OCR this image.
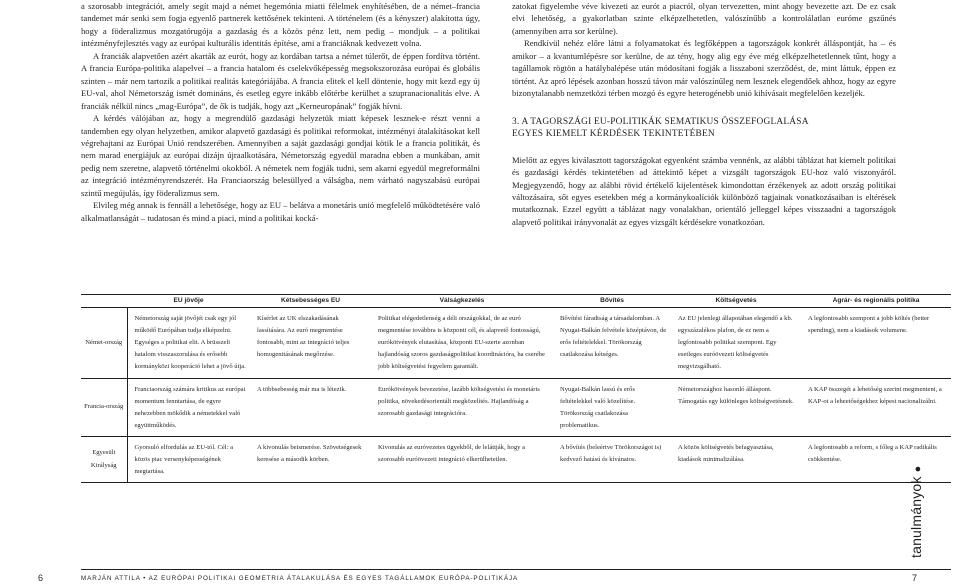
a szorosabb integrációt, amely segít majd a német hegemónia miatti félelmek enyhítésében, de a német–francia tandemet már senki sem fogja egyenlő partnerek kettősének tekinteni. A történelem (és a kényszer) alakította úgy, hogy a föderalizmus mozgatórugója a gazdaság és a közös pénz lett, nem pedig – mondjuk – a politikai intézményfejlesztés vagy az európai kulturális identitás építése, ami a franciáknak kedvezett volna.

A franciák alapvetően azért akarták az eurót, hogy az kordában tartsa a német túlerőt, de éppen fordítva történt. A francia Európa-politika alapelvei – a francia hatalom és cselekvőképesség megsokszorozása európai és globális szinten – már nem tartozik a politikai realitás kategóriájába. A francia elitek el kell döntenie, hogy mit kezd egy új EU-val, ahol Németország ismét domináns, és esetleg egyre inkább előtérbe kerülhet a szupranacionalitás elve. A franciák nélkül nincs „mag-Európa”, de ők is tudják, hogy azt „Kerneuropának” fogják hívni.

A kérdés válójában az, hogy a megrendülő gazdasági helyzetük miatt képesek lesznek-e részt venni a tandemben egy olyan helyzetben, amikor alapvető gazdasági és politikai reformokat, intézményi átalakításokat kell végrehajtani az Európai Unió rendszerében. Amennyiben a saját gazdasági gondjai kötik le a francia politikát, és nem marad energiájuk az európai dizájn újraalkotására, Németország egyedül maradna ebben a munkában, amit pedig nem szeretne, alapvető történelmi okokból. A németek nem fogják tudni, sem akarni egyedül megreformálni az integráció intézményrendszerét. Ha Franciaország belesüllyed a válságba, nem várható nagyszabású európai szintű megújulás, így föderalizmus sem.

Elvileg még annak is fennáll a lehetősége, hogy az EU – belátva a monetáris unió megfelelő működtetésére való alkalmatlanságát – tudatosan és mind a piaci, mind a politikai kocká-

zatokat figyelembe véve kivezeti az eurót a piacról, olyan tervezetten, mint ahogy bevezette azt. De ez csak elvi lehetőség, a gyakorlatban szinte elképzelhetetlen, valószínűbb a kontrolálatlan euróme gszűnés (amennyiben arra sor kerülne).

Rendkívül nehéz előre látni a folyamatokat és legfőképpen a tagországok konkrét álláspontját, ha – és amikor – a kvantumlépésre sor kerülne, de az tény, hogy alig egy éve még elképzelhetetlennek tűnt, hogy a tagállamok rögtön a hatálybalépése után módosítani fogják a lisszaboni szerződést, de, mint láttuk, éppen ez történt. Az apró lépések azonban hosszú távon már valószínűleg nem lesznek elegendőek ahhoz, hogy az egyre bizonytalanabb nemzetközi térben mozgó és egyre heterogénebb unió kihívásait megfelelően kezeljék.

3. A TAGORSZÁGI EU-POLITIKÁK SEMATIKUS ÖSSZEFOGLALÁSA
EGYES KIEMELT KÉRDÉSEK TEKINTETÉBEN

Mielőtt az egyes kiválasztott tagországokat egyenként számba vennénk, az alábbi táblázat hat kiemelt politikai és gazdasági kérdés tekintetében ad áttekintő képet a vizsgált tagországok EU-hoz való viszonyáról. Megjegyzendő, hogy az alábbi rövid értékelő kijelentések kimondottan érzékenyek az adott ország politikai változásaira, sőt egyes esetekben még a kormánykoalíciók különböző tagjainak vonatkozásaiban is eltérések mutatkoznak. Ezzel együtt a táblázat nagy vonalakban, orientáló jelleggel képes visszaadni a tagországok alapvető politikai irányvonalát az egyes vizsgált kérdésekre vonatkozóan.

	EU jövője	Kétsebességes EU	Válságkezelés	Bővítés	Költségvetés	Agrár- és regionális politika
Német-ország	Németország saját jövőjét csak egy jól működő Európában tudja elképzelni. Egységes a politikai elit. A brüsszeli hatalom visszaszorulása és erősebb kormányközi kooperáció lehet a jövő útja.	Kísérlet az UK elszakadásának lassítására. Az euró megmentése fontosabb, mint az integráció teljes homogenitásának megőrzése.	Politikai elégedetlenség a déli országokkal, de az euró megmentése továbbra is központi cél, és alapvető fontosságú, eurókötvények elutasítása, központi EU-szerte azonban hajlandóság szoros gazdaságpolitikai koordinációra, ha cserébe jobb költségvetési fegyelem garantált.	Bővítési fáradtság a társadalomban. A Nyugat-Balkán felvétele középtávon, de erős feltételekkel. Törökország csatlakozása kétséges.	Az EU jelenlegi állapotában elegendő a kb. egyszázalékos plafon, de ez nem a legfontosabb politikai szempont. Egy esetleges euróövezeti költségvetés megvizsgálható.	A legfontosabb szempont a jobb költés (better spending), nem a kiadások volumene.
Francia-ország	Franciaország számára kritikus az európai momentum fenntartása, de egyre nehezebben mökődik a németekkel való együttműködés.	A többsebesség már ma is létezik.	Eurókötvények bevezetése, lazább költségvetési és monetáris politika, növekedésorientált megközelítés. Hajlandóság a szorosabb gazdasági integrációra.	Nyugat-Balkán lassú és erős feltételekkel való közelítése. Törökország csatlakozása problematikus.	Németországhoz hasonló álláspont. Támogatás egy különleges költségvetésnek.	A KAP összegét a lehetőség szerint megmenteni, a KAP-ot a leheetőségekhez képest nacionalizálni.
Egyesült Királyság	Gyorsuló elfordulás az EU-tól. Cél: a közös piac versenyképességének megtartása.	A kivonulás beismerése. Szövetségesek keresése a második körben.	Kivonulás az euróvezetes ügyekből, de leláttják, hogy a szorosabb euróövezeti integráció elkerülhetetlen.	A bővítés (beleértve Törökországot is) kedvező hatású és kívánatos.	A közös költségvetés befagyasztása, kiadások minimalizálása.	A legfontosabb a reform, s főleg a KAP radikális csökkentése.
6	MARJÁN ATTILA • AZ EURÓPAI POLITIKAI GEOMETRIA ÁTALAKULÁSA ÉS EGYES TAGÁLLAMOK EURÓPA-POLITIKÁJA	7
tanulmányok ●
